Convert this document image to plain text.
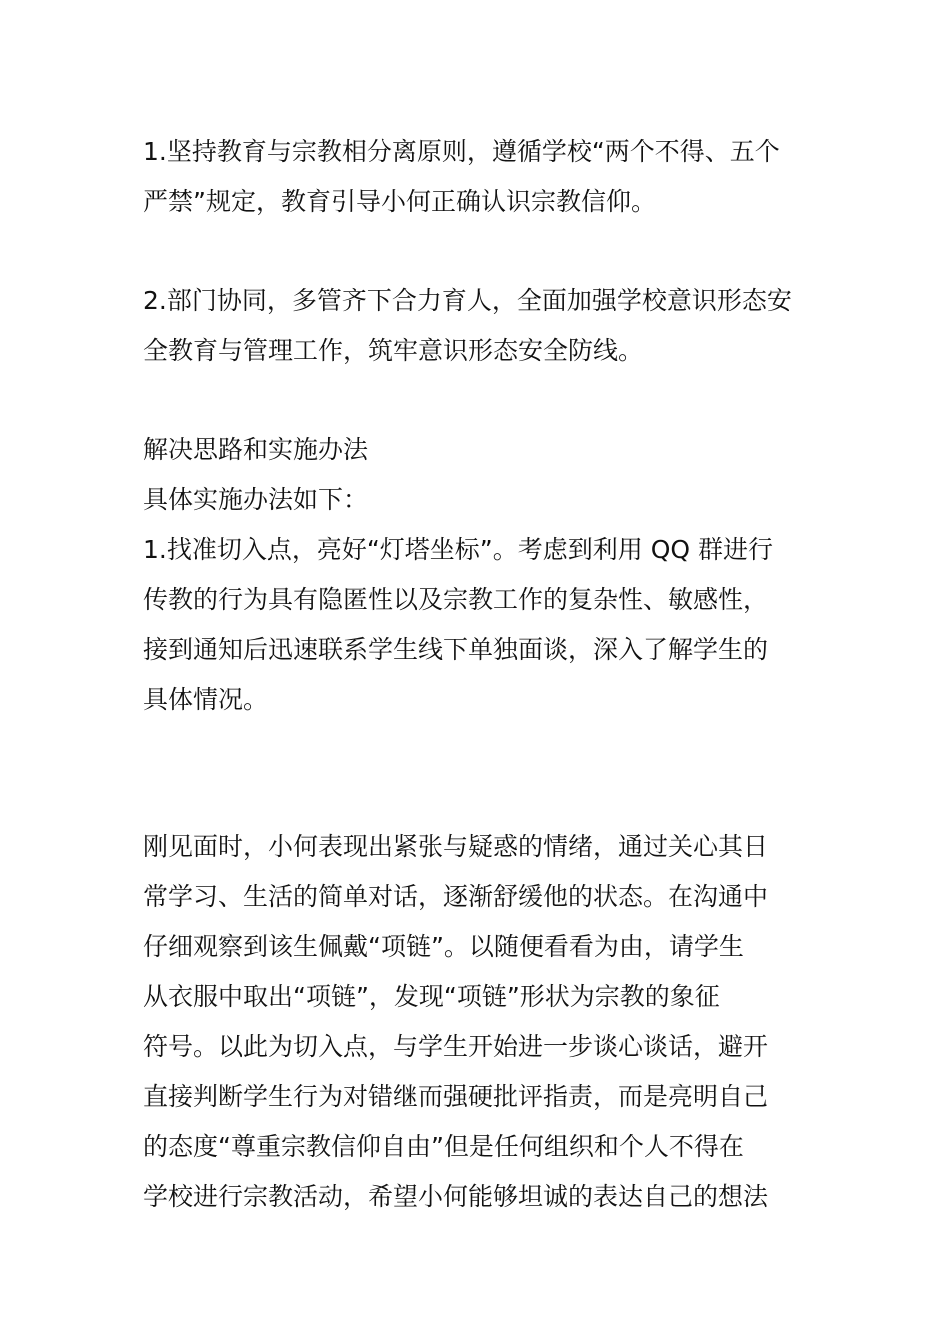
1.坚持教育与宗教相分离原则，遵循学校“两个不得、五个
严禁”规定，教育引导小何正确认识宗教信仰。

2.部门协同，多管齐下合力育人，全面加强学校意识形态安
全教育与管理工作，筑牢意识形态安全防线。

解决思路和实施办法
具体实施办法如下：
1.找准切入点，亮好“灯塔坐标”。考虑到利用 QQ 群进行
传教的行为具有隐匿性以及宗教工作的复杂性、敏感性，
接到通知后迅速联系学生线下单独面谈，深入了解学生的
具体情况。

刚见面时，小何表现出紧张与疑惑的情绪，通过关心其日
常学习、生活的简单对话，逐渐舒缓他的状态。在沟通中
仔细观察到该生佩戴“项链”。以随便看看为由，请学生
从衣服中取出“项链”，发现“项链”形状为宗教的象征
符号。以此为切入点，与学生开始进一步谈心谈话，避开
直接判断学生行为对错继而强硬批评指责，而是亮明自己
的态度“尊重宗教信仰自由”但是任何组织和个人不得在
学校进行宗教活动，希望小何能够坦诚的表达自己的想法
